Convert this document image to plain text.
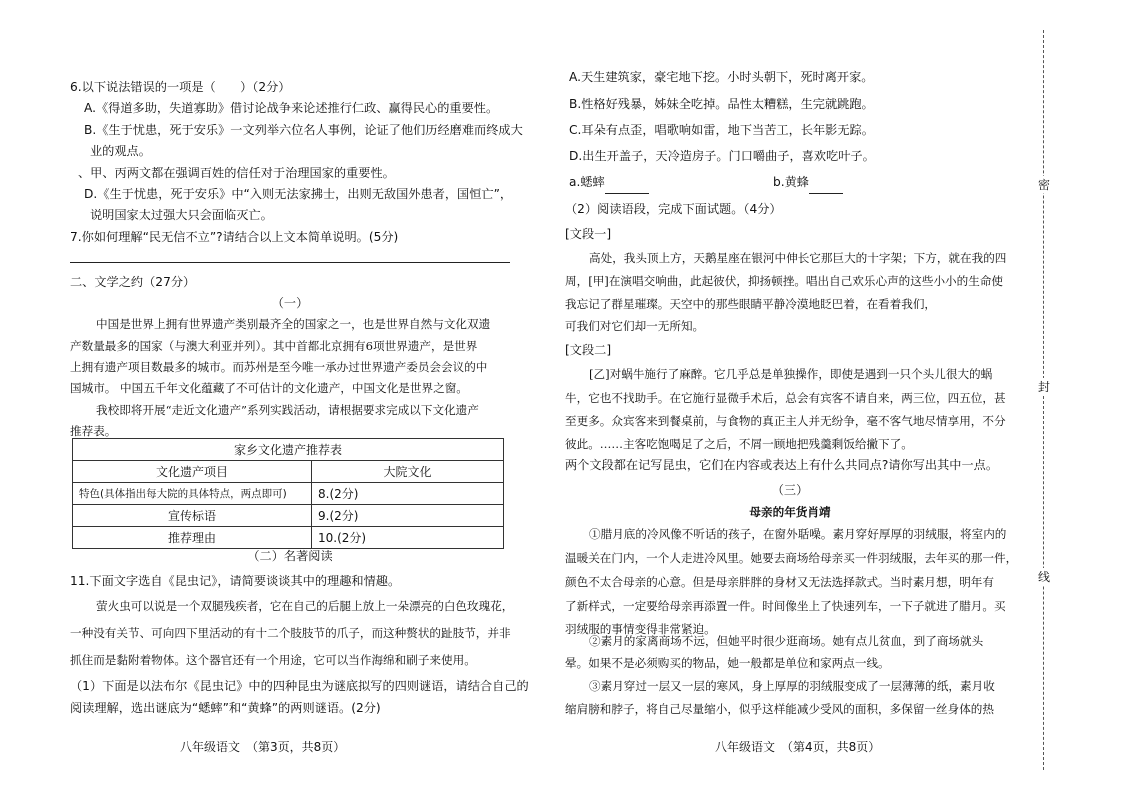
6.以下说法错误的一项是（　　）（2分）
A.《得道多助，失道寡助》借讨论战争来论述推行仁政、赢得民心的重要性。
B.《生于忧患，死于安乐》一文列举六位名人事例，论证了他们历经磨难而终成大
业的观点。
、甲、丙两文都在强调百姓的信任对于治理国家的重要性。
D.《生于忧患，死于安乐》中“入则无法家拂士，出则无敌国外患者，国恒亡”，
说明国家太过强大只会面临灭亡。
7.你如何理解“民无信不立”?请结合以上文本简单说明。(5分)
二、文学之约（27分）
（一）
中国是世界上拥有世界遗产类别最齐全的国家之一，也是世界自然与文化双遗
产数量最多的国家（与澳大利亚并列）。其中首都北京拥有6项世界遗产，是世界
上拥有遗产项目数最多的城市。而苏州是至今唯一承办过世界遗产委员会会议的中
国城市。 中国五千年文化蕴藏了不可估计的文化遗产，中国文化是世界之窗。
我校即将开展“走近文化遗产”系列实践活动，请根据要求完成以下文化遗产
推荐表。
家乡文化遗产推荐表	
文化遗产项目	大院文化
特色(具体指出每大院的具体特点，两点即可)	8.(2分)
宣传标语	9.(2分)
推荐理由	10.(2分)
（二）名著阅读
11.下面文字选自《昆虫记》，请简要谈谈其中的理趣和情趣。
萤火虫可以说是一个双腿残疾者，它在自己的后腿上放上一朵漂亮的白色玫瑰花，
一种没有关节、可向四下里活动的有十二个肢肢节的爪子，而这种赘状的趾肢节，并非
抓住而是黏附着物体。这个器官还有一个用途，它可以当作海绵和刷子来使用。
（1）下面是以法布尔《昆虫记》中的四种昆虫为谜底拟写的四则谜语，请结合自己的
阅读理解，选出谜底为“蟋蟀”和“黄蜂”的两则谜语。(2分)
八年级语文　（第3页，共8页）
A.天生建筑家，豪宅地下挖。小时头朝下，死时离开家。
B.性格好残暴，姊妹全吃掉。品性太糟糕，生完就跳跑。
C.耳朵有点歪，唱歌响如雷，地下当苦工，长年影无踪。
D.出生开盖子，天冷造房子。门口嚼曲子，喜欢吃叶子。
a.蟋蟀	b.黄蜂
（2）阅读语段，完成下面试题。（4分）
[文段一]
高处，我头顶上方，天鹅星座在银河中伸长它那巨大的十字架；下方，就在我的四
周，[甲]在演唱交响曲，此起彼伏，抑扬顿挫。唱出自己欢乐心声的这些小小的生命使
我忘记了群星璀璨。天空中的那些眼睛平静冷漠地眨巴着，在看着我们，
可我们对它们却一无所知。
[文段二]
[乙]对蜗牛施行了麻醉。它几乎总是单独操作，即使是遇到一只个头儿很大的蜗
牛，它也不找助手。在它施行显微手术后，总会有宾客不请自来，两三位，四五位，甚
至更多。众宾客来到餐桌前，与食物的真正主人并无纷争，毫不客气地尽情享用，不分
彼此。……主客吃饱喝足了之后，不屑一顾地把残羹剩饭给撇下了。
两个文段都在记写昆虫，它们在内容或表达上有什么共同点?请你写出其中一点。
（三）
母亲的年货肖靖
①腊月底的冷风像不听话的孩子，在窗外聒噪。素月穿好厚厚的羽绒服，将室内的
温暖关在门内，一个人走进冷风里。她要去商场给母亲买一件羽绒服，去年买的那一件，
颜色不太合母亲的心意。但是母亲胖胖的身材又无法选择款式。当时素月想，明年有
了新样式，一定要给母亲再添置一件。时间像坐上了快速列车，一下子就进了腊月。买
羽绒服的事情变得非常紧迫。
②素月的家离商场不远，但她平时很少逛商场。她有点儿贫血，到了商场就头
晕。如果不是必须购买的物品，她一般都是单位和家两点一线。
③素月穿过一层又一层的寒风，身上厚厚的羽绒服变成了一层薄薄的纸，素月收
缩肩膀和脖子，将自己尽量缩小，似乎这样能减少受风的面积，多保留一丝身体的热
八年级语文　（第4页，共8页）
密
封
线
